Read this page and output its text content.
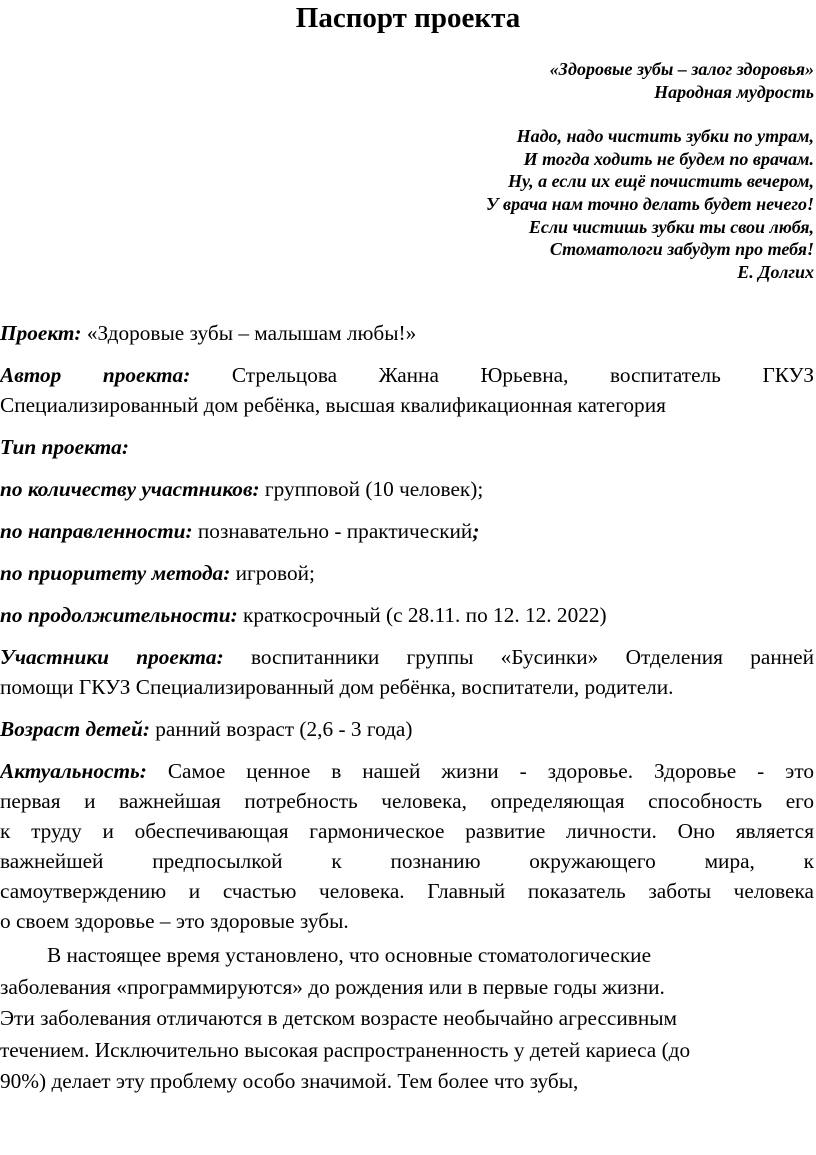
Паспорт проекта
«Здоровые зубы – залог здоровья»
Народная мудрость
Надо, надо чистить зубки по утрам,
И тогда ходить не будем по врачам.
Ну, а если их ещё почистить вечером,
У врача нам точно делать будет нечего!
Если чистишь зубки ты свои любя,
Стоматологи забудут про тебя!
Е. Долгих

Проект: «Здоровые зубы – малышам любы!»

Автор проекта: Стрельцова Жанна Юрьевна, воспитатель ГКУЗ
Специализированный дом ребёнка, высшая квалификационная категория

Тип проекта:

по количеству участников: групповой (10 человек);

по направленности: познавательно - практический;

по приоритету метода: игровой;

по продолжительности: краткосрочный (с 28.11. по 12. 12. 2022)

Участники проекта: воспитанники группы «Бусинки» Отделения ранней
помощи ГКУЗ Специализированный дом ребёнка, воспитатели, родители.

Возраст детей: ранний возраст (2,6 - 3 года)

Актуальность: Самое ценное в нашей жизни - здоровье. Здоровье - это
первая и важнейшая потребность человека, определяющая способность его
к труду и обеспечивающая гармоническое развитие личности. Оно является
важнейшей предпосылкой к познанию окружающего мира, к
самоутверждению и счастью человека. Главный показатель заботы человека
о своем здоровье – это здоровые зубы.

В настоящее время установлено, что основные стоматологические
заболевания «программируются» до рождения или в первые годы жизни.
Эти заболевания отличаются в детском возрасте необычайно агрессивным
течением. Исключительно высокая распространенность у детей кариеса (до
90%) делает эту проблему особо значимой. Тем более что зубы,
